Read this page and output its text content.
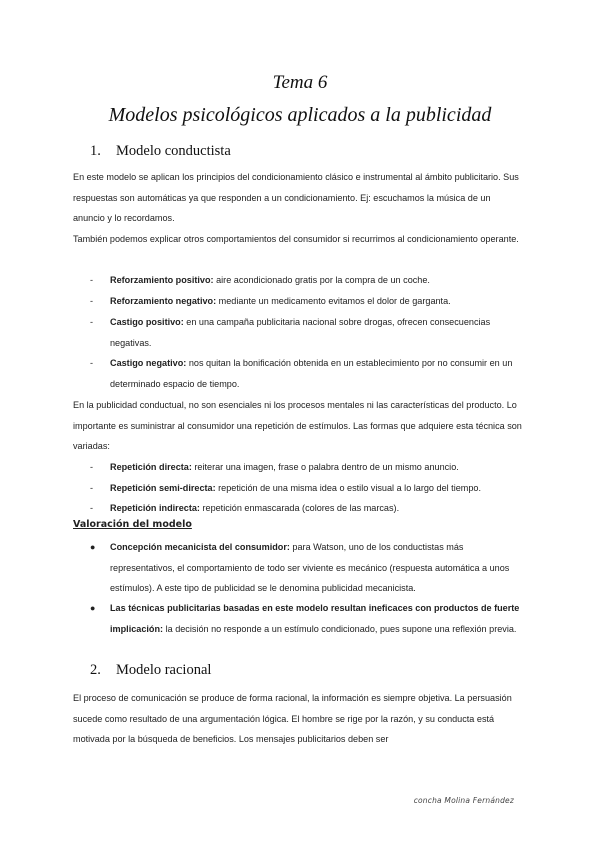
Tema 6
Modelos psicológicos aplicados a la publicidad
1. Modelo conductista
En este modelo se aplican los principios del condicionamiento clásico e instrumental al ámbito publicitario. Sus respuestas son automáticas ya que responden a un condicionamiento. Ej: escuchamos la música de un anuncio y lo recordamos.
También podemos explicar otros comportamientos del consumidor si recurrimos al condicionamiento operante.
- Reforzamiento positivo: aire acondicionado gratis por la compra de un coche.
- Reforzamiento negativo: mediante un medicamento evitamos el dolor de garganta.
- Castigo positivo: en una campaña publicitaria nacional sobre drogas, ofrecen consecuencias negativas.
- Castigo negativo: nos quitan la bonificación obtenida en un establecimiento por no consumir en un determinado espacio de tiempo.
En la publicidad conductual, no son esenciales ni los procesos mentales ni las características del producto. Lo importante es suministrar al consumidor una repetición de estímulos. Las formas que adquiere esta técnica son variadas:
- Repetición directa: reiterar una imagen, frase o palabra dentro de un mismo anuncio.
- Repetición semi-directa: repetición de una misma idea o estilo visual a lo largo del tiempo.
- Repetición indirecta: repetición enmascarada (colores de las marcas).
Valoración del modelo
● Concepción mecanicista del consumidor: para Watson, uno de los conductistas más representativos, el comportamiento de todo ser viviente es mecánico (respuesta automática a unos estímulos). A este tipo de publicidad se le denomina publicidad mecanicista.
● Las técnicas publicitarias basadas en este modelo resultan ineficaces con productos de fuerte implicación: la decisión no responde a un estímulo condicionado, pues supone una reflexión previa.
2. Modelo racional
El proceso de comunicación se produce de forma racional, la información es siempre objetiva. La persuasión sucede como resultado de una argumentación lógica. El hombre se rige por la razón, y su conducta está motivada por la búsqueda de beneficios. Los mensajes publicitarios deben ser
concha Molina Fernández
